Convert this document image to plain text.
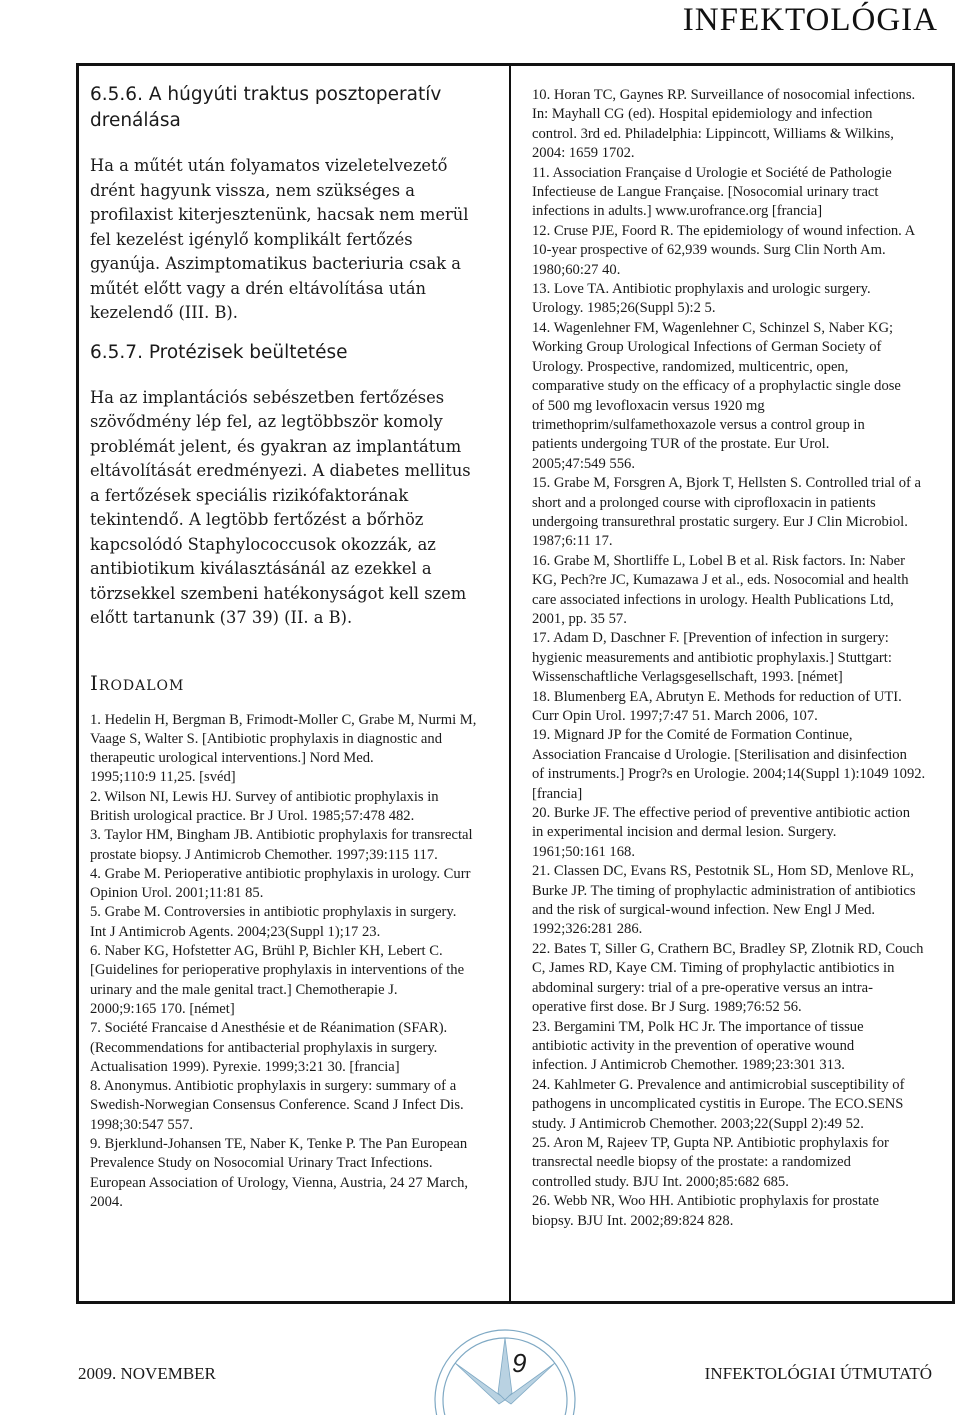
INFEKTOLÓGIA

6.5.6. A húgyúti traktus posztoperatív
drenálása

Ha a műtét után folyamatos vizeletelvezető
drént hagyunk vissza, nem szükséges a
profilaxist kiterjesztenünk, hacsak nem merül
fel kezelést igénylő komplikált fertőzés
gyanúja. Aszimptomatikus bacteriuria csak a
műtét előtt vagy a drén eltávolítása után
kezelendő (III. B).

6.5.7. Protézisek beültetése

Ha az implantációs sebészetben fertőzéses
szövődmény lép fel, az legtöbbször komoly
problémát jelent, és gyakran az implantátum
eltávolítását eredményezi. A diabetes mellitus
a fertőzések speciális rizikófaktorának
tekintendő. A legtöbb fertőzést a bőrhöz
kapcsolódó Staphylococcusok okozzák, az
antibiotikum kiválasztásánál az ezekkel a
törzsekkel szembeni hatékonyságot kell szem
előtt tartanunk (37 39) (II. a B).

Irodalom

1. Hedelin H, Bergman B, Frimodt-Moller C, Grabe M, Nurmi M,
Vaage S, Walter S. [Antibiotic prophylaxis in diagnostic and
therapeutic urological interventions.] Nord Med.
1995;110:9 11,25. [svéd]
2. Wilson NI, Lewis HJ. Survey of antibiotic prophylaxis in
British urological practice. Br J Urol. 1985;57:478 482.
3. Taylor HM, Bingham JB. Antibiotic prophylaxis for transrectal
prostate biopsy. J Antimicrob Chemother. 1997;39:115 117.
4. Grabe M. Perioperative antibiotic prophylaxis in urology. Curr
Opinion Urol. 2001;11:81 85.
5. Grabe M. Controversies in antibiotic prophylaxis in surgery.
Int J Antimicrob Agents. 2004;23(Suppl 1);17 23.
6. Naber KG, Hofstetter AG, Brühl P, Bichler KH, Lebert C.
[Guidelines for perioperative prophylaxis in interventions of the
urinary and the male genital tract.] Chemotherapie J.
2000;9:165 170. [német]
7. Société Francaise d Anesthésie et de Réanimation (SFAR).
(Recommendations for antibacterial prophylaxis in surgery.
Actualisation 1999). Pyrexie. 1999;3:21 30. [francia]
8. Anonymus. Antibiotic prophylaxis in surgery: summary of a
Swedish-Norwegian Consensus Conference. Scand J Infect Dis.
1998;30:547 557.
9. Bjerklund-Johansen TE, Naber K, Tenke P. The Pan European
Prevalence Study on Nosocomial Urinary Tract Infections.
European Association of Urology, Vienna, Austria, 24 27 March,
2004.
10. Horan TC, Gaynes RP. Surveillance of nosocomial infections.
In: Mayhall CG (ed). Hospital epidemiology and infection
control. 3rd ed. Philadelphia: Lippincott, Williams & Wilkins,
2004: 1659 1702.
11. Association Française d Urologie et Société de Pathologie
Infectieuse de Langue Française. [Nosocomial urinary tract
infections in adults.] www.urofrance.org [francia]
12. Cruse PJE, Foord R. The epidemiology of wound infection. A
10-year prospective of 62,939 wounds. Surg Clin North Am.
1980;60:27 40.
13. Love TA. Antibiotic prophylaxis and urologic surgery.
Urology. 1985;26(Suppl 5):2 5.
14. Wagenlehner FM, Wagenlehner C, Schinzel S, Naber KG;
Working Group Urological Infections of German Society of
Urology. Prospective, randomized, multicentric, open,
comparative study on the efficacy of a prophylactic single dose
of 500 mg levofloxacin versus 1920 mg
trimethoprim/sulfamethoxazole versus a control group in
patients undergoing TUR of the prostate. Eur Urol.
2005;47:549 556.
15. Grabe M, Forsgren A, Bjork T, Hellsten S. Controlled trial of a
short and a prolonged course with ciprofloxacin in patients
undergoing transurethral prostatic surgery. Eur J Clin Microbiol.
1987;6:11 17.
16. Grabe M, Shortliffe L, Lobel B et al. Risk factors. In: Naber
KG, Pech?re JC, Kumazawa J et al., eds. Nosocomial and health
care associated infections in urology. Health Publications Ltd,
2001, pp. 35 57.
17. Adam D, Daschner F. [Prevention of infection in surgery:
hygienic measurements and antibiotic prophylaxis.] Stuttgart:
Wissenschaftliche Verlagsgesellschaft, 1993. [német]
18. Blumenberg EA, Abrutyn E. Methods for reduction of UTI.
Curr Opin Urol. 1997;7:47 51. March 2006, 107.
19. Mignard JP for the Comité de Formation Continue,
Association Francaise d Urologie. [Sterilisation and disinfection
of instruments.] Progr?s en Urologie. 2004;14(Suppl 1):1049 1092.
[francia]
20. Burke JF. The effective period of preventive antibiotic action
in experimental incision and dermal lesion. Surgery.
1961;50:161 168.
21. Classen DC, Evans RS, Pestotnik SL, Hom SD, Menlove RL,
Burke JP. The timing of prophylactic administration of antibiotics
and the risk of surgical-wound infection. New Engl J Med.
1992;326:281 286.
22. Bates T, Siller G, Crathern BC, Bradley SP, Zlotnik RD, Couch
C, James RD, Kaye CM. Timing of prophylactic antibiotics in
abdominal surgery: trial of a pre-operative versus an intra-
operative first dose. Br J Surg. 1989;76:52 56.
23. Bergamini TM, Polk HC Jr. The importance of tissue
antibiotic activity in the prevention of operative wound
infection. J Antimicrob Chemother. 1989;23:301 313.
24. Kahlmeter G. Prevalence and antimicrobial susceptibility of
pathogens in uncomplicated cystitis in Europe. The ECO.SENS
study. J Antimicrob Chemother. 2003;22(Suppl 2):49 52.
25. Aron M, Rajeev TP, Gupta NP. Antibiotic prophylaxis for
transrectal needle biopsy of the prostate: a randomized
controlled study. BJU Int. 2000;85:682 685.
26. Webb NR, Woo HH. Antibiotic prophylaxis for prostate
biopsy. BJU Int. 2002;89:824 828.
2009. NOVEMBER	9	INFEKTOLÓGIAI ÚTMUTATÓ
